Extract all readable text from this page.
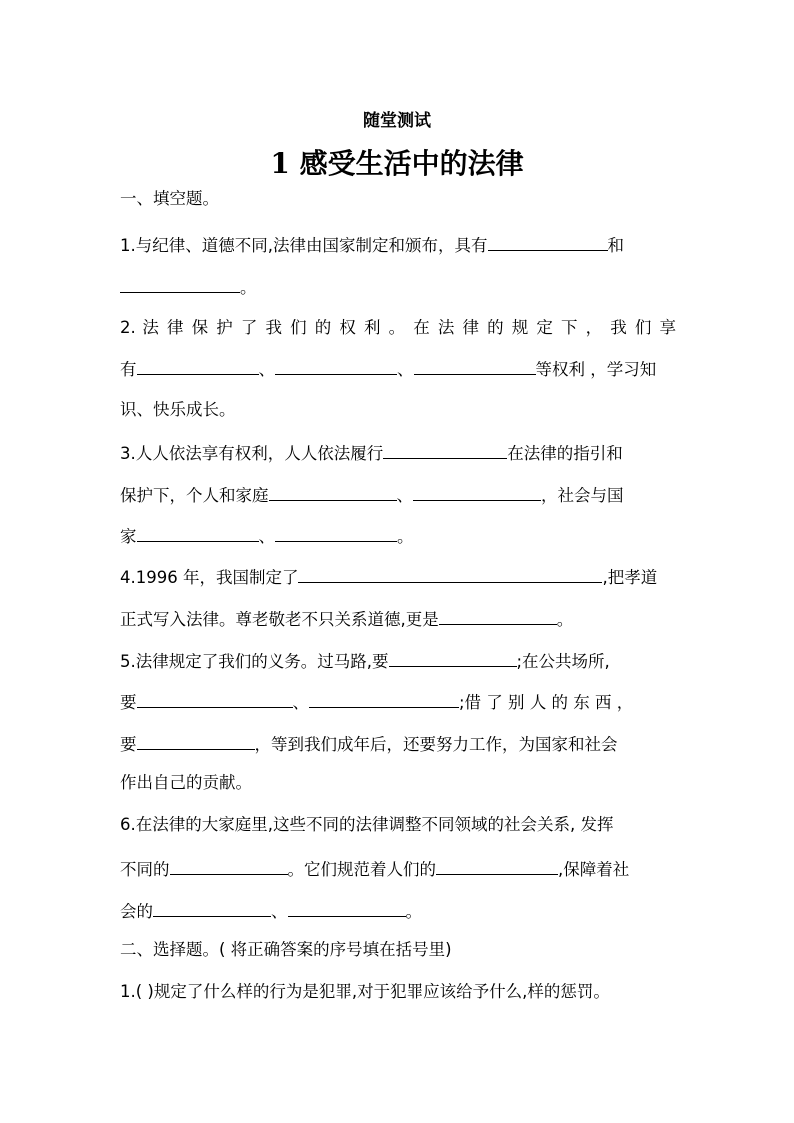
随堂测试
1 感受生活中的法律
一、填空题。
1.与纪律、道德不同,法律由国家制定和颁布，具有	和
。
2. 法 律 保 护 了 我 们 的 权 利 。 在 法 律 的 规 定 下 ， 我 们 享
有	、	、	等权利 ，学习知
识、快乐成长。
3.人人依法享有权利，人人依法履行	在法律的指引和
保护下，个人和家庭	、	，社会与国
家	、	。
4.1996 年，我国制定了	,把孝道
正式写入法律。尊老敬老不只关系道德,更是	。
5.法律规定了我们的义务。过马路,要	;在公共场所,
要	、	;借 了 别 人 的 东 西 ，
要	，等到我们成年后，还要努力工作，为国家和社会
作出自己的贡献。
6.在法律的大家庭里,这些不同的法律调整不同领域的社会关系, 发挥
不同的	。它们规范着人们的	,保障着社
会的	、	。
二、选择题。( 将正确答案的序号填在括号里)
1.( )规定了什么样的行为是犯罪,对于犯罪应该给予什么,样的惩罚。
